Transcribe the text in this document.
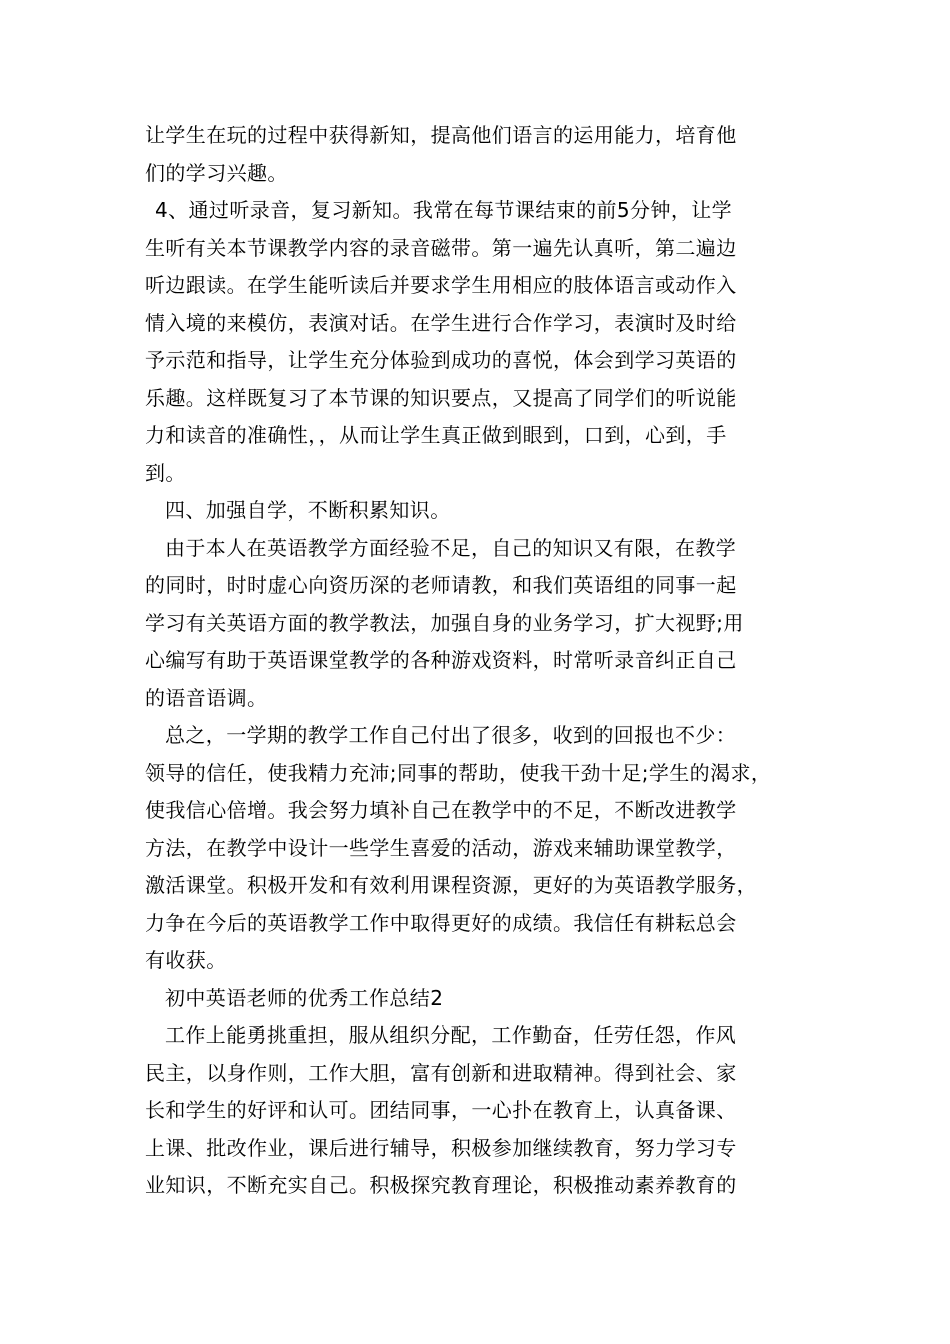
让学生在玩的过程中获得新知，提高他们语言的运用能力，培育他
们的学习兴趣。

4、通过听录音，复习新知。我常在每节课结束的前5分钟，让学
生听有关本节课教学内容的录音磁带。第一遍先认真听，第二遍边
听边跟读。在学生能听读后并要求学生用相应的肢体语言或动作入
情入境的来模仿，表演对话。在学生进行合作学习，表演时及时给
予示范和指导，让学生充分体验到成功的喜悦，体会到学习英语的
乐趣。这样既复习了本节课的知识要点，又提高了同学们的听说能
力和读音的准确性，，从而让学生真正做到眼到，口到，心到，手
到。

四、加强自学，不断积累知识。

由于本人在英语教学方面经验不足，自己的知识又有限，在教学
的同时，时时虚心向资历深的老师请教，和我们英语组的同事一起
学习有关英语方面的教学教法，加强自身的业务学习，扩大视野;用
心编写有助于英语课堂教学的各种游戏资料，时常听录音纠正自己
的语音语调。

总之，一学期的教学工作自己付出了很多，收到的回报也不少：
领导的信任，使我精力充沛;同事的帮助，使我干劲十足;学生的渴求，
使我信心倍增。我会努力填补自己在教学中的不足，不断改进教学
方法，在教学中设计一些学生喜爱的活动，游戏来辅助课堂教学，
激活课堂。积极开发和有效利用课程资源，更好的为英语教学服务，
力争在今后的英语教学工作中取得更好的成绩。我信任有耕耘总会
有收获。

初中英语老师的优秀工作总结2

工作上能勇挑重担，服从组织分配，工作勤奋，任劳任怨，作风
民主，以身作则，工作大胆，富有创新和进取精神。得到社会、家
长和学生的好评和认可。团结同事，一心扑在教育上，认真备课、
上课、批改作业，课后进行辅导，积极参加继续教育，努力学习专
业知识，不断充实自己。积极探究教育理论，积极推动素养教育的
